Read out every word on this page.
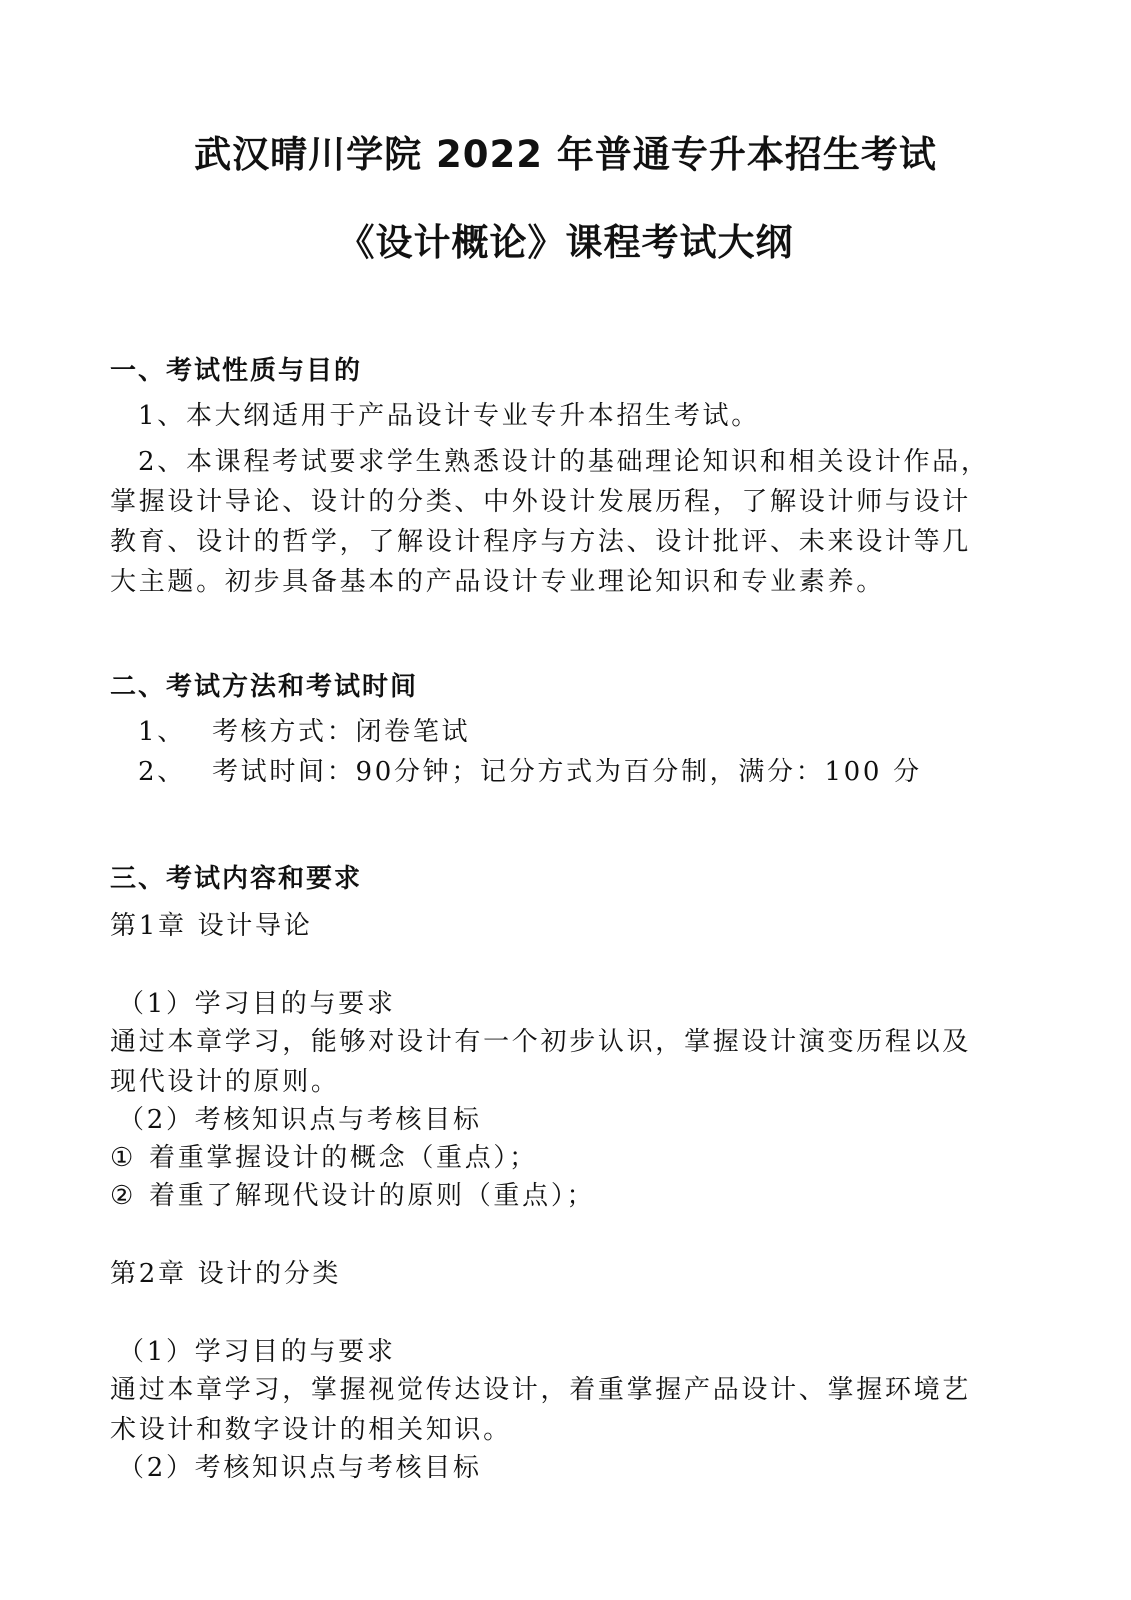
武汉晴川学院 2022 年普通专升本招生考试
《设计概论》课程考试大纲
一、考试性质与目的
1、本大纲适用于产品设计专业专升本招生考试。
2、本课程考试要求学生熟悉设计的基础理论知识和相关设计作品，
掌握设计导论、设计的分类、中外设计发展历程，了解设计师与设计
教育、设计的哲学，了解设计程序与方法、设计批评、未来设计等几
大主题。初步具备基本的产品设计专业理论知识和专业素养。
二、考试方法和考试时间
1、 考核方式：闭卷笔试
2、 考试时间：90分钟；记分方式为百分制，满分：100 分
三、考试内容和要求
第1章 设计导论
（1）学习目的与要求
通过本章学习，能够对设计有一个初步认识，掌握设计演变历程以及
现代设计的原则。
（2）考核知识点与考核目标
① 着重掌握设计的概念（重点）；
② 着重了解现代设计的原则（重点）；
第2章 设计的分类
（1）学习目的与要求
通过本章学习，掌握视觉传达设计，着重掌握产品设计、掌握环境艺
术设计和数字设计的相关知识。
（2）考核知识点与考核目标
